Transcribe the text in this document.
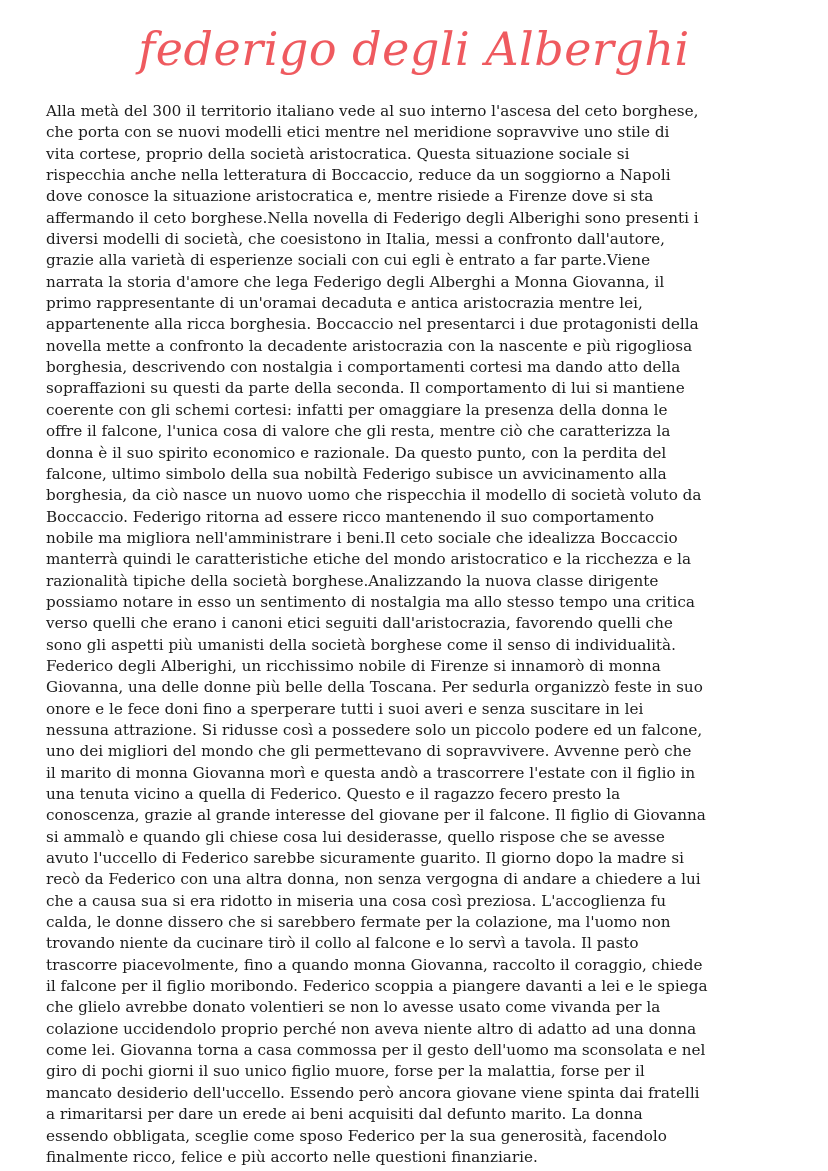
federigo degli Alberghi
Alla metà del 300 il territorio italiano vede al suo interno l'ascesa del ceto borghese,
che porta con se nuovi modelli etici mentre nel meridione sopravvive uno stile di
vita cortese, proprio della società aristocratica. Questa situazione sociale si
rispecchia anche nella letteratura di Boccaccio, reduce da un soggiorno a Napoli
dove conosce la situazione aristocratica e, mentre risiede a Firenze dove si sta
affermando il ceto borghese.Nella novella di Federigo degli Alberighi sono presenti i
diversi modelli di società, che coesistono in Italia, messi a confronto dall'autore,
grazie alla varietà di esperienze sociali con cui egli è entrato a far parte.Viene
narrata la storia d'amore che lega Federigo degli Alberghi a Monna Giovanna, il
primo rappresentante di un'oramai decaduta e antica aristocrazia mentre lei,
appartenente alla ricca borghesia. Boccaccio nel presentarci i due protagonisti della
novella mette a confronto la decadente aristocrazia con la nascente e più rigogliosa
borghesia, descrivendo con nostalgia i comportamenti cortesi ma dando atto della
sopraffazioni su questi da parte della seconda. Il comportamento di lui si mantiene
coerente con gli schemi cortesi: infatti per omaggiare la presenza della donna le
offre il falcone, l'unica cosa di valore che gli resta, mentre ciò che caratterizza la
donna è il suo spirito economico e razionale. Da questo punto, con la perdita del
falcone, ultimo simbolo della sua nobiltà Federigo subisce un avvicinamento alla
borghesia, da ciò nasce un nuovo uomo che rispecchia il modello di società voluto da
Boccaccio. Federigo ritorna ad essere ricco mantenendo il suo comportamento
nobile ma migliora nell'amministrare i beni.Il ceto sociale che idealizza Boccaccio
manterrà quindi le caratteristiche etiche del mondo aristocratico e la ricchezza e la
razionalità tipiche della società borghese.Analizzando la nuova classe dirigente
possiamo notare in esso un sentimento di nostalgia ma allo stesso tempo una critica
verso quelli che erano i canoni etici seguiti dall'aristocrazia, favorendo quelli che
sono gli aspetti più umanisti della società borghese come il senso di individualità.
Federico degli Alberighi, un ricchissimo nobile di Firenze si innamorò di monna
Giovanna, una delle donne più belle della Toscana. Per sedurla organizzò feste in suo
onore e le fece doni fino a sperperare tutti i suoi averi e senza suscitare in lei
nessuna attrazione. Si ridusse così a possedere solo un piccolo podere ed un falcone,
uno dei migliori del mondo che gli permettevano di sopravvivere. Avvenne però che
il marito di monna Giovanna morì e questa andò a trascorrere l'estate con il figlio in
una tenuta vicino a quella di Federico. Questo e il ragazzo fecero presto la
conoscenza, grazie al grande interesse del giovane per il falcone. Il figlio di Giovanna
si ammalò e quando gli chiese cosa lui desiderasse, quello rispose che se avesse
avuto l'uccello di Federico sarebbe sicuramente guarito. Il giorno dopo la madre si
recò da Federico con una altra donna, non senza vergogna di andare a chiedere a lui
che a causa sua si era ridotto in miseria una cosa così preziosa. L'accoglienza fu
calda, le donne dissero che si sarebbero fermate per la colazione, ma l'uomo non
trovando niente da cucinare tirò il collo al falcone e lo servì a tavola. Il pasto
trascorre piacevolmente, fino a quando monna Giovanna, raccolto il coraggio, chiede
il falcone per il figlio moribondo. Federico scoppia a piangere davanti a lei e le spiega
che glielo avrebbe donato volentieri se non lo avesse usato come vivanda per la
colazione uccidendolo proprio perché non aveva niente altro di adatto ad una donna
come lei. Giovanna torna a casa commossa per il gesto dell'uomo ma sconsolata e nel
giro di pochi giorni il suo unico figlio muore, forse per la malattia, forse per il
mancato desiderio dell'uccello. Essendo però ancora giovane viene spinta dai fratelli
a rimaritarsi per dare un erede ai beni acquisiti dal defunto marito. La donna
essendo obbligata, sceglie come sposo Federico per la sua generosità, facendolo
finalmente ricco, felice e più accorto nelle questioni finanziarie.
